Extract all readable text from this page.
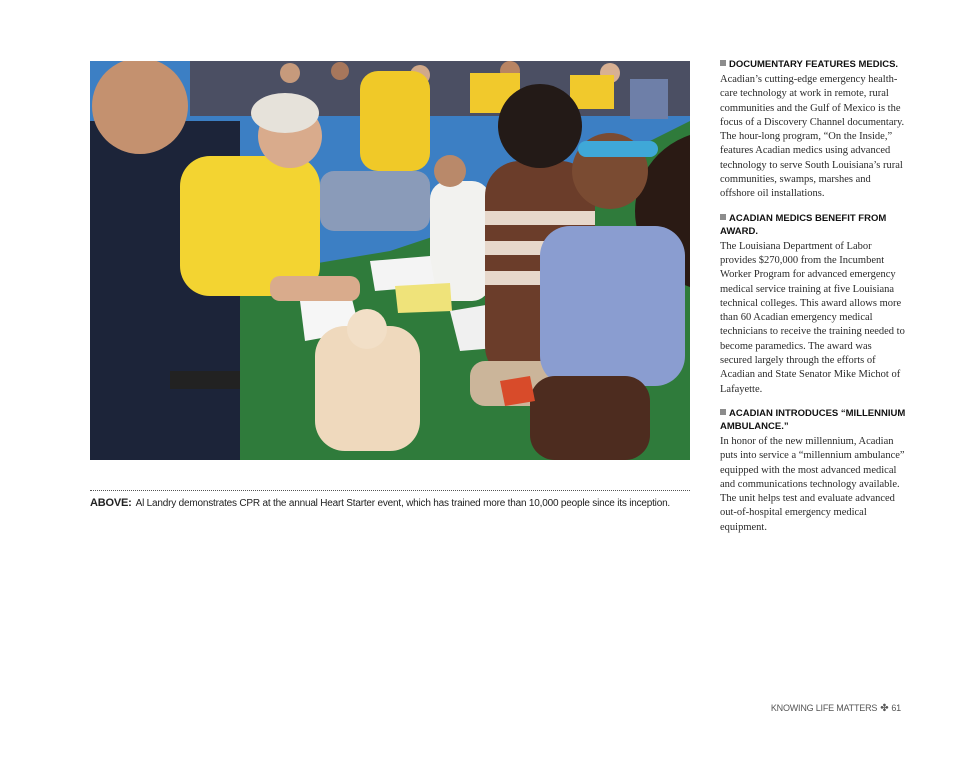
ABOVE: Al Landry demonstrates CPR at the annual Heart Starter event, which has trained more than 10,000 people since its inception.
DOCUMENTARY FEATURES MEDICS.
Acadian’s cutting-edge emergency health-care technology at work in remote, rural communities and the Gulf of Mexico is the focus of a Discovery Channel documentary. The hour-long program, “On the Inside,” features Acadian medics using advanced technology to serve South Louisiana’s rural communities, swamps, marshes and offshore oil installations.
ACADIAN MEDICS BENEFIT FROM AWARD.
The Louisiana Department of Labor provides $270,000 from the Incumbent Worker Program for advanced emergency medical service training at five Louisiana technical colleges. This award allows more than 60 Acadian emergency medical technicians to receive the training needed to become paramedics. The award was secured largely through the efforts of Acadian and State Senator Mike Michot of Lafayette.
ACADIAN INTRODUCES “MILLENNIUM AMBULANCE.”
In honor of the new millennium, Acadian puts into service a “millennium ambulance” equipped with the most advanced medical and communications technology available. The unit helps test and evaluate advanced out-of-hospital emergency medical equipment.
KNOWING LIFE MATTERS ✤ 61
